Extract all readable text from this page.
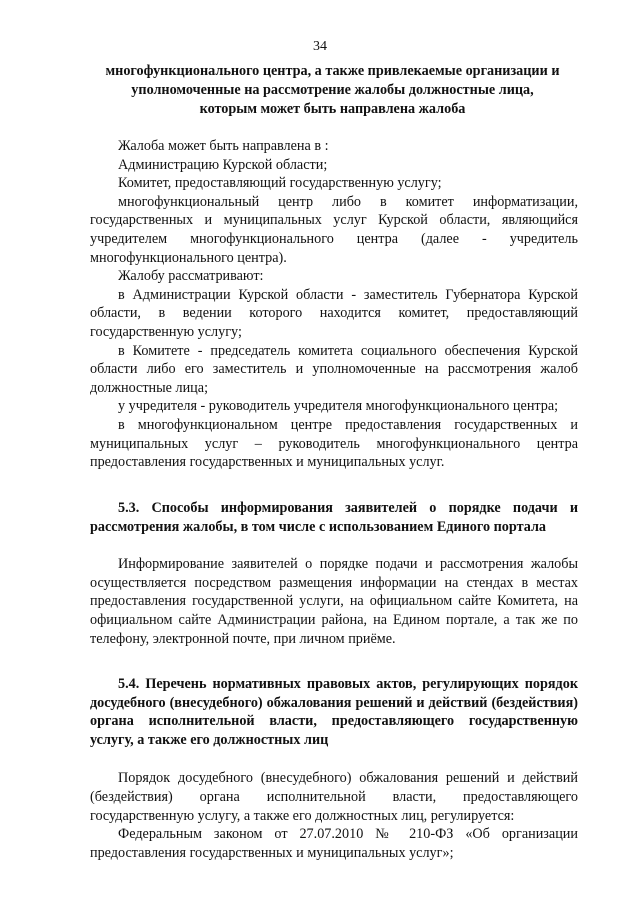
34
многофункционального центра, а также привлекаемые организации и
уполномоченные на рассмотрение жалобы должностные лица,
которым может быть направлена жалоба

Жалоба может быть направлена в :

Администрацию Курской области;

Комитет, предоставляющий государственную услугу;

многофункциональный центр либо в комитет информатизации, государственных и муниципальных услуг Курской области, являющийся учредителем многофункционального центра (далее - учредитель многофункционального центра).

Жалобу рассматривают:

в Администрации Курской области - заместитель Губернатора Курской области, в ведении которого находится комитет, предоставляющий государственную услугу;

в Комитете - председатель комитета социального обеспечения Курской области либо его заместитель и уполномоченные на рассмотрения жалоб должностные лица;

у учредителя - руководитель учредителя многофункционального центра;

в многофункциональном центре предоставления государственных и муниципальных услуг – руководитель многофункционального центра предоставления государственных и муниципальных услуг.

5.3. Способы информирования заявителей о порядке подачи и рассмотрения жалобы, в том числе с использованием Единого портала

Информирование заявителей о порядке подачи и рассмотрения жалобы осуществляется посредством размещения информации на стендах в местах предоставления государственной услуги, на официальном сайте Комитета, на официальном сайте Администрации района, на Едином портале, а так же по телефону, электронной почте, при личном приёме.

5.4. Перечень нормативных правовых актов, регулирующих порядок досудебного (внесудебного) обжалования решений и действий (бездействия) органа исполнительной власти, предоставляющего государственную услугу, а также его должностных лиц

Порядок досудебного (внесудебного) обжалования решений и действий (бездействия) органа исполнительной власти, предоставляющего государственную услугу, а также его должностных лиц, регулируется:

Федеральным законом от 27.07.2010 № 210-ФЗ «Об организации предоставления государственных и муниципальных услуг»;
